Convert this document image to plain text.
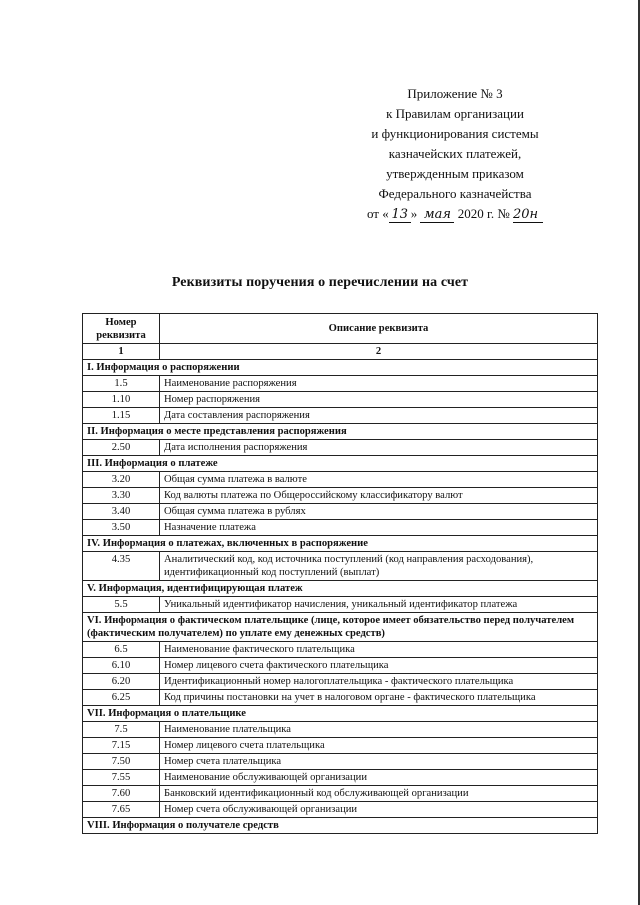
Приложение № 3
к Правилам организации
и функционирования системы
казначейских платежей,
утвержденным приказом
Федерального казначейства
от « 13 » мая 2020 г. № 20н
Реквизиты поручения о перечислении на счет
Номер реквизита	Описание реквизита
1	2
I. Информация о распоряжении	
1.5	Наименование распоряжения
1.10	Номер распоряжения
1.15	Дата составления распоряжения
II. Информация о месте представления распоряжения	
2.50	Дата исполнения распоряжения
III. Информация о платеже	
3.20	Общая сумма платежа в валюте
3.30	Код валюты платежа по Общероссийскому классификатору валют
3.40	Общая сумма платежа в рублях
3.50	Назначение платежа
IV. Информация о платежах, включенных в распоряжение	
4.35	Аналитический код, код источника поступлений (код направления расходования), идентификационный код поступлений (выплат)
V. Информация, идентифицирующая платеж	
5.5	Уникальный идентификатор начисления, уникальный идентификатор платежа
VI. Информация о фактическом плательщике (лице, которое имеет обязательство перед получателем (фактическим получателем) по уплате ему денежных средств)	
6.5	Наименование фактического плательщика
6.10	Номер лицевого счета фактического плательщика
6.20	Идентификационный номер налогоплательщика - фактического плательщика
6.25	Код причины постановки на учет в налоговом органе - фактического плательщика
VII. Информация о плательщике	
7.5	Наименование плательщика
7.15	Номер лицевого счета плательщика
7.50	Номер счета плательщика
7.55	Наименование обслуживающей организации
7.60	Банковский идентификационный код обслуживающей организации
7.65	Номер счета обслуживающей организации
VIII. Информация о получателе средств	
